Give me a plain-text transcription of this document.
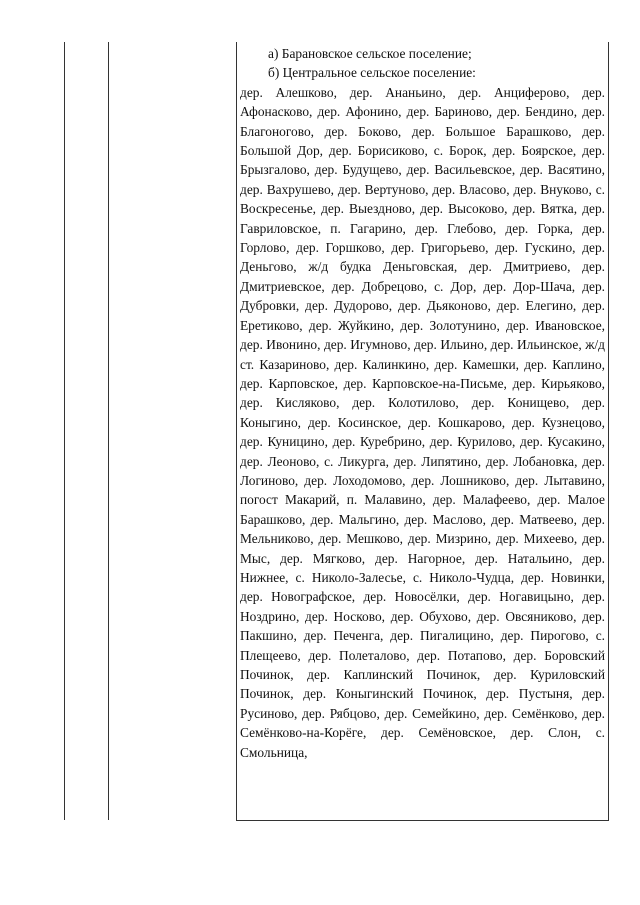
а) Барановское сельское поселение;

б) Центральное сельское поселение:

дер. Алешково, дер. Ананьино, дер. Анциферово, дер. Афонасково, дер. Афонино, дер. Бариново, дер. Бендино, дер. Благоногово, дер. Боково, дер. Большое Барашково, дер. Большой Дор, дер. Борисиково, с. Борок, дер. Боярское, дер. Брызгалово, дер. Будущево, дер. Васильевское, дер. Васятино, дер. Вахрушево, дер. Вертуново, дер. Власово, дер. Внуково, с. Воскресенье, дер. Выездново, дер. Высоково, дер. Вятка, дер. Гавриловское, п. Гагарино, дер. Глебово, дер. Горка, дер. Горлово, дер. Горшково, дер. Григорьево, дер. Гускино, дер. Деньгово, ж/д будка Деньговская, дер. Дмитриево, дер. Дмитриевское, дер. Добрецово, с. Дор, дер. Дор-Шача, дер. Дубровки, дер. Дудорово, дер. Дьяконово, дер. Елегино, дер. Еретиково, дер. Жуйкино, дер. Золотунино, дер. Ивановское, дер. Ивонино, дер. Игумново, дер. Ильино, дер. Ильинское, ж/д ст. Казариново, дер. Калинкино, дер. Камешки, дер. Каплино, дер. Карповское, дер. Карповское-на-Письме, дер. Кирьяково, дер. Кисляково, дер. Колотилово, дер. Конищево, дер. Коныгино, дер. Косинское, дер. Кошкарово, дер. Кузнецово, дер. Куницино, дер. Куребрино, дер. Курилово, дер. Кусакино, дер. Леоново, с. Ликурга, дер. Липятино, дер. Лобановка, дер. Логиново, дер. Лоходомово, дер. Лошниково, дер. Лытавино, погост Макарий, п. Малавино, дер. Малафеево, дер. Малое Барашково, дер. Мальгино, дер. Маслово, дер. Матвеево, дер. Мельниково, дер. Мешково, дер. Мизрино, дер. Михеево, дер. Мыс, дер. Мягково, дер. Нагорное, дер. Натальино, дер. Нижнее, с. Николо-Залесье, с. Николо-Чудца, дер. Новинки, дер. Новографское, дер. Новосёлки, дер. Ногавицыно, дер. Ноздрино, дер. Носково, дер. Обухово, дер. Овсяниково, дер. Пакшино, дер. Печенга, дер. Пигалицино, дер. Пирогово, с. Плещеево, дер. Полеталово, дер. Потапово, дер. Боровский Починок, дер. Каплинский Починок, дер. Куриловский Починок, дер. Коныгинский Починок, дер. Пустыня, дер. Русиново, дер. Рябцово, дер. Семейкино, дер. Семёнково, дер. Семёнково-на-Корёге, дер. Семёновское, дер. Слон, с. Смольница,
